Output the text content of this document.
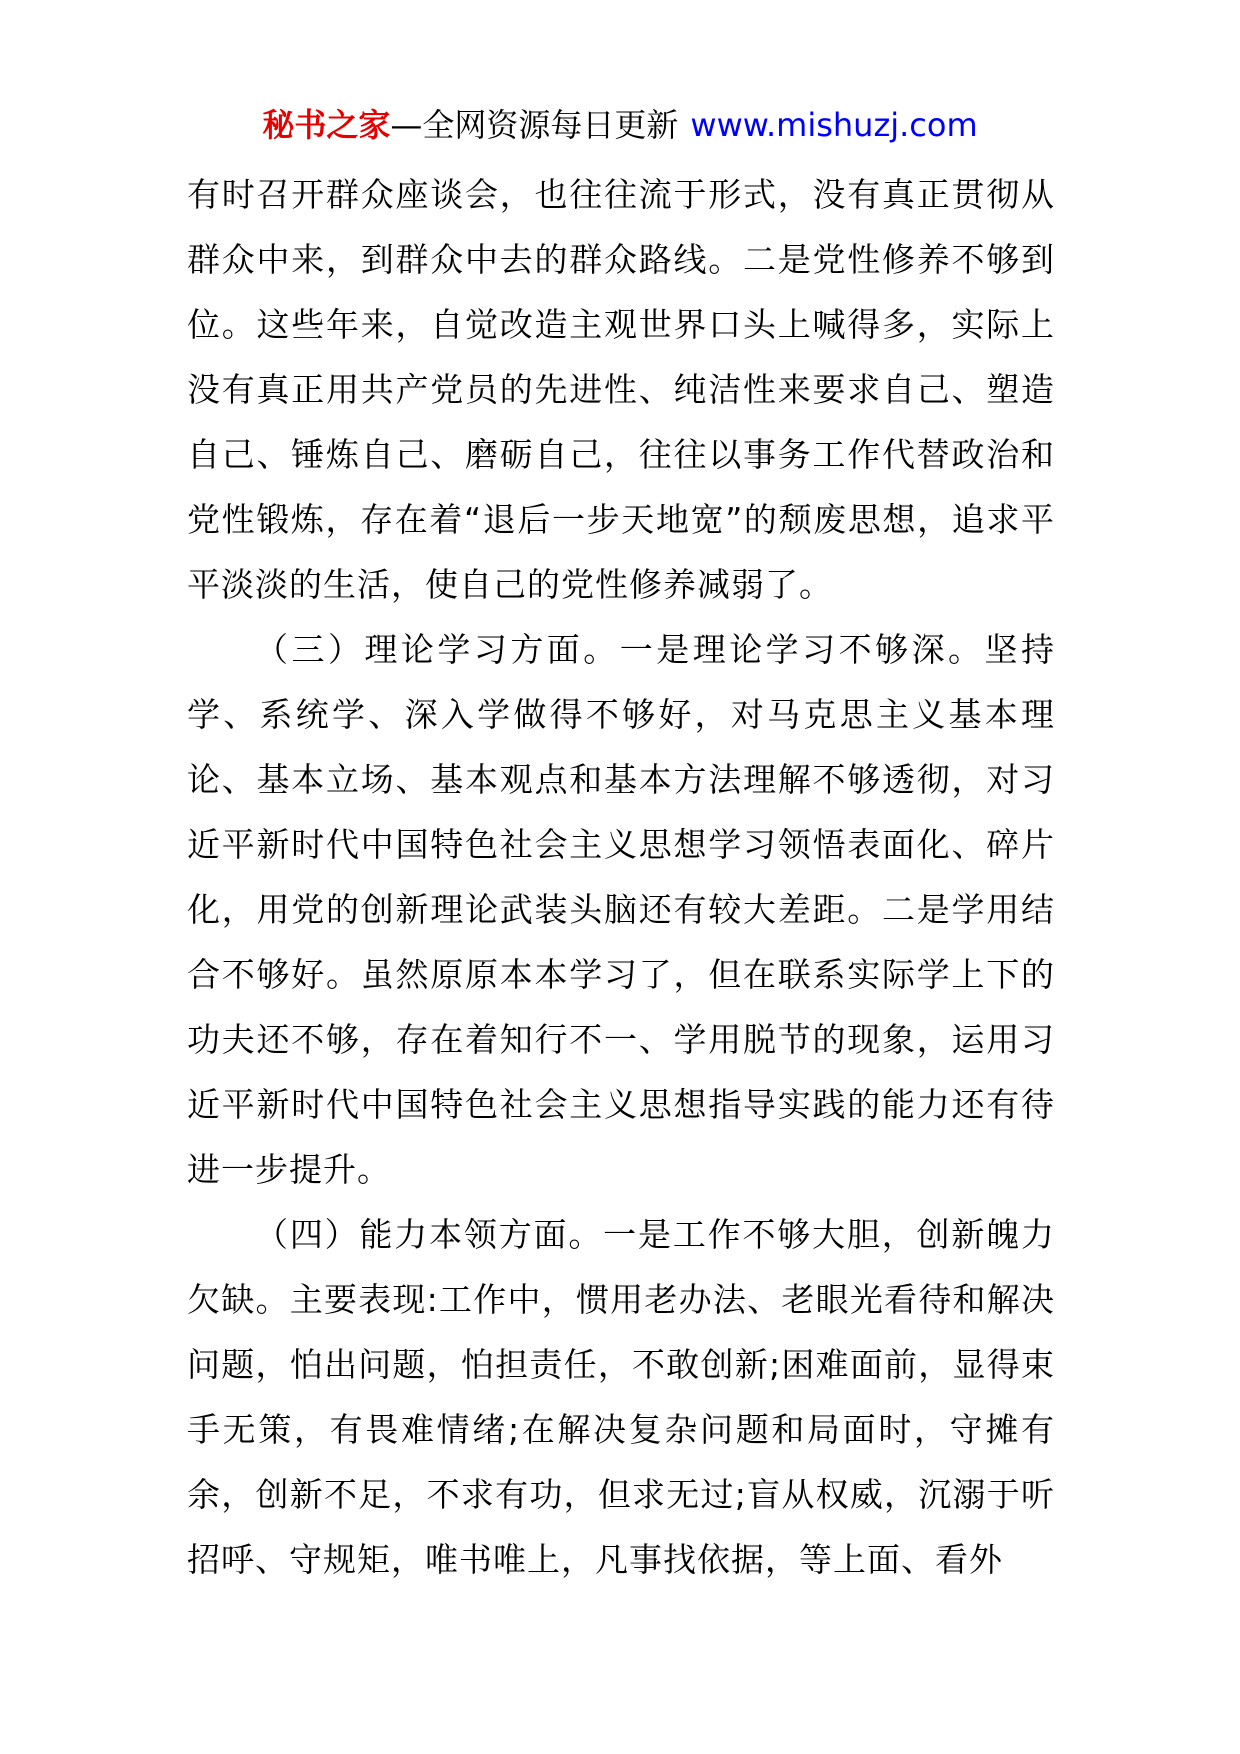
秘书之家—全网资源每日更新 www.mishuzj.com

有时召开群众座谈会，也往往流于形式，没有真正贯彻从群众中来，到群众中去的群众路线。二是党性修养不够到位。这些年来，自觉改造主观世界口头上喊得多，实际上没有真正用共产党员的先进性、纯洁性来要求自己、塑造自己、锤炼自己、磨砺自己，往往以事务工作代替政治和党性锻炼，存在着“退后一步天地宽”的颓废思想，追求平平淡淡的生活，使自己的党性修养减弱了。

（三）理论学习方面。一是理论学习不够深。坚持学、系统学、深入学做得不够好，对马克思主义基本理论、基本立场、基本观点和基本方法理解不够透彻，对习近平新时代中国特色社会主义思想学习领悟表面化、碎片化，用党的创新理论武装头脑还有较大差距。二是学用结合不够好。虽然原原本本学习了，但在联系实际学上下的功夫还不够，存在着知行不一、学用脱节的现象，运用习近平新时代中国特色社会主义思想指导实践的能力还有待进一步提升。

（四）能力本领方面。一是工作不够大胆，创新魄力欠缺。主要表现:工作中，惯用老办法、老眼光看待和解决问题，怕出问题，怕担责任，不敢创新;困难面前，显得束手无策，有畏难情绪;在解决复杂问题和局面时，守摊有余，创新不足，不求有功，但求无过;盲从权威，沉溺于听招呼、守规矩，唯书唯上，凡事找依据，等上面、看外
